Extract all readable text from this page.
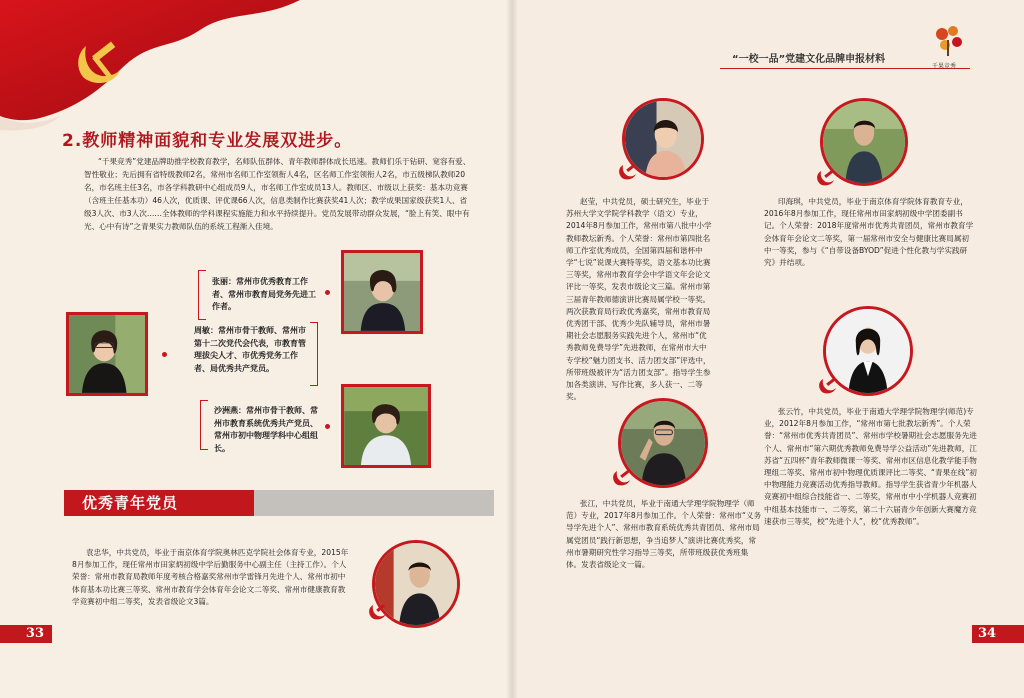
2.教师精神面貌和专业发展双进步。
“千果竞秀”党建品牌助推学校教育教学，名师队伍群体、青年教师群体成长迅速。教师们乐于钻研、宽容有爱、智性敬业；先后拥有省特级教师2名，常州市名师工作室领衔人4名，区名师工作室领衔人2名，市五级梯队教师20名，市名班主任3名，市各学科教研中心组成员9人，市名师工作室成员13人。教师区、市级以上获奖：基本功竞赛（含班主任基本功）46人次，优质课、评优课66人次，信息类制作比赛获奖41人次；教学成果国家级获奖1人、省级3人次、市3人次……全体教师的学科课程实施能力和水平持续提升。党员发展带动群众发展，“脸上有笑、眼中有光、心中有诗”之青果实力教师队伍的系统工程渐入佳境。
张丽：常州市优秀教育工作者、常州市教育局党务先进工作者。
周敏：常州市骨干教师、常州市第十二次党代会代表，市教育管理拔尖人才、市优秀党务工作者、局优秀共产党员。
沙洲燕：常州市骨干教师、常州市教育系统优秀共产党员、常州市初中物理学科中心组组长。
优秀青年党员
袁忠华，中共党员，毕业于南京体育学院奥林匹克学院社会体育专业，2015年8月参加工作，现任常州市田家炳初级中学后勤服务中心副主任（主持工作）。个人荣誉：常州市教育局教师年度考核合格嘉奖常州市学雷锋月先进个人、常州市初中体育基本功比赛三等奖、常州市教育学会体育年会论文二等奖、常州市健康教育教学竞赛初中组二等奖，发表省级论文3篇。
33
“一校一品”党建文化品牌申报材料
千果竞秀
赵莹，中共党员，硕士研究生，毕业于苏州大学文学院学科教学（语文）专业，2014年8月参加工作，常州市第八批中小学教师教坛新秀。个人荣誉：常州市第四批名师工作室优秀成员，全国第四届和谐杯中学“七说”说课大赛特等奖，语文基本功比赛三等奖，常州市教育学会中学语文年会论文评比一等奖，发表市级论文三篇。常州市第三届青年教师德演讲比赛局属学校一等奖。两次获教育局行政优秀嘉奖，常州市教育局优秀团干部、优秀少先队辅导员，常州市暑期社会志愿服务实践先进个人，常州市“优秀教师免费导学”先进教师，在常州市大中专学校“魅力团支书、活力团支部”评选中，所带班级被评为“活力团支部”。指导学生参加各类演讲、写作比赛，多人获一、二等奖。
印海琪，中共党员，毕业于南京体育学院体育教育专业，2016年8月参加工作，现任常州市田家炳初级中学团委副书记。个人荣誉：2018年度常州市优秀共青团员，常州市教育学会体育年会论文二等奖，第一届常州市安全与健康比赛局属初中一等奖，参与《“自带设备BYOD”促进个性化教与学实践研究》并结项。
张云竹，中共党员，毕业于南通大学理学院物理学(师范)专业，2012年8月参加工作，“常州市第七批教坛新秀”。个人荣誉：“常州市优秀共青团员”、常州市学校暑期社会志愿服务先进个人、常州市“第六期优秀教师免费导学公益活动”先进教师，江苏省“五四杯”青年教师微课一等奖、常州市区信息化教学能手物理组二等奖、常州市初中物理优质课评比二等奖、“青果在线”初中物理能力竞赛活动优秀指导教师。指导学生获省青少年机器人竞赛初中组综合技能省一、二等奖，常州市中小学机器人竞赛初中组基本技能市一、二等奖，第二十六届青少年创新大赛魔方竞速获市三等奖，校“先进个人”，校“优秀教师”。
张江，中共党员，毕业于南通大学理学院物理学（师范）专业，2017年8月参加工作。个人荣誉：常州市“义务导学先进个人”、常州市教育系统优秀共青团员、常州市局属党团员“践行新思想，争当追梦人”演讲比赛优秀奖，常州市暑期研究性学习指导三等奖，所带班级获优秀班集体。发表省级论文一篇。
34
